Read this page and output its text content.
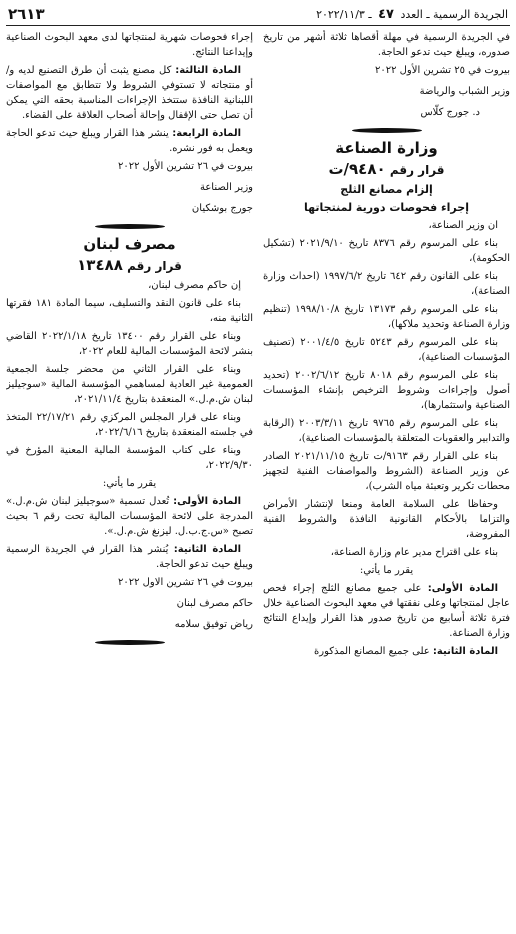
٢٦١٣	الجريدة الرسمية ـ العدد ٤٧ ـ ٢٠٢٢/١١/٣

في الجريدة الرسمية في مهلة أقصاها ثلاثة أشهر من تاريخ صدوره، ويبلغ حيث تدعو الحاجة.

بيروت في ٢٥ تشرين الأول ٢٠٢٢

وزير الشباب والرياضة

د. جورج كلّاس

وزارة الصناعة
قرار رقم ٩٤٨٠/ت
إلزام مصانع الثلج
إجراء فحوصات دورية لمنتجاتها

ان وزير الصناعة،

بناء على المرسوم رقم ٨٣٧٦ تاريخ ٢٠٢١/٩/١٠ (تشكيل الحكومة)،

بناء على القانون رقم ٦٤٢ تاريخ ١٩٩٧/٦/٢ (احداث وزارة الصناعة)،

بناء على المرسوم رقم ١٣١٧٣ تاريخ ١٩٩٨/١٠/٨ (تنظيم وزارة الصناعة وتحديد ملاكها)،

بناء على المرسوم رقم ٥٢٤٣ تاريخ ٢٠٠١/٤/٥ (تصنيف المؤسسات الصناعية)،

بناء على المرسوم رقم ٨٠١٨ تاريخ ٢٠٠٢/٦/١٢ (تحديد أصول وإجراءات وشروط الترخيص بإنشاء المؤسسات الصناعية واستثمارها)،

بناء على المرسوم رقم ٩٧٦٥ تاريخ ٢٠٠٣/٣/١١ (الرقابة والتدابير والعقوبات المتعلقة بالمؤسسات الصناعية)،

بناء على القرار رقم ٩١٦٣/ت تاريخ ٢٠٢١/١١/١٥ الصادر عن وزير الصناعة (الشروط والمواصفات الفنية لتجهيز محطات تكرير وتعبئة مياه الشرب)،

وحفاظا على السلامة العامة ومنعا لإنتشار الأمراض والتزاما بالأحكام القانونية النافذة والشروط الفنية المفروضة،

بناء على اقتراح مدير عام وزارة الصناعة،

يقرر ما يأتي:

المادة الأولى: على جميع مصانع الثلج إجراء فحص عاجل لمنتجاتها وعلى نفقتها في معهد البحوث الصناعية خلال فترة ثلاثة أسابيع من تاريخ صدور هذا القرار وإيداع النتائج وزارة الصناعة.

المادة الثانية: على جميع المصانع المذكورة

إجراء فحوصات شهرية لمنتجاتها لدى معهد البحوث الصناعية وإيداعنا النتائج.

المادة الثالثة: كل مصنع يثبت أن طرق التصنيع لديه و/أو منتجاته لا تستوفي الشروط ولا تتطابق مع المواصفات اللبنانية النافذة ستتخذ الإجراءات المناسبة بحقه التي يمكن أن تصل حتى الإقفال وإحالة أصحاب العلاقة على القضاء.

المادة الرابعة: ينشر هذا القرار ويبلغ حيث تدعو الحاجة ويعمل به فور نشره.

بيروت في ٢٦ تشرين الأول ٢٠٢٢

وزير الصناعة

جورج بوشكيان

مصرف لبنان
قرار رقم ١٣٤٨٨

إن حاكم مصرف لبنان،

بناء على قانون النقد والتسليف، سيما المادة ١٨١ فقرتها الثانية منه،

وبناء على القرار رقم ١٣٤٠٠ تاريخ ٢٠٢٢/١/١٨ القاضي بنشر لائحة المؤسسات المالية للعام ٢٠٢٢،

وبناء على القرار الثاني من محضر جلسة الجمعية العمومية غير العادية لمساهمي المؤسسة المالية «سوجيليز لبنان ش.م.ل.» المنعقدة بتاريخ ٢٠٢١/١١/٤،

وبناء على قرار المجلس المركزي رقم ٢٢/١٧/٢١ المتخذ في جلسته المنعقدة بتاريخ ٢٠٢٢/٦/١٦،

وبناء على كتاب المؤسسة المالية المعنية المؤرخ في ٢٠٢٢/٩/٣٠،

يقرر ما يأتي:

المادة الأولى: تُعدل تسمية «سوجيليز لبنان ش.م.ل.» المدرجة على لائحة المؤسسات المالية تحت رقم ٦ بحيث تصبح «س.ج.ب.ل. ليزنغ ش.م.ل.».

المادة الثانية: يُنشر هذا القرار في الجريدة الرسمية ويبلغ حيث تدعو الحاجة.

بيروت في ٢٦ تشرين الاول ٢٠٢٢

حاكم مصرف لبنان

رياض توفيق سلامه
